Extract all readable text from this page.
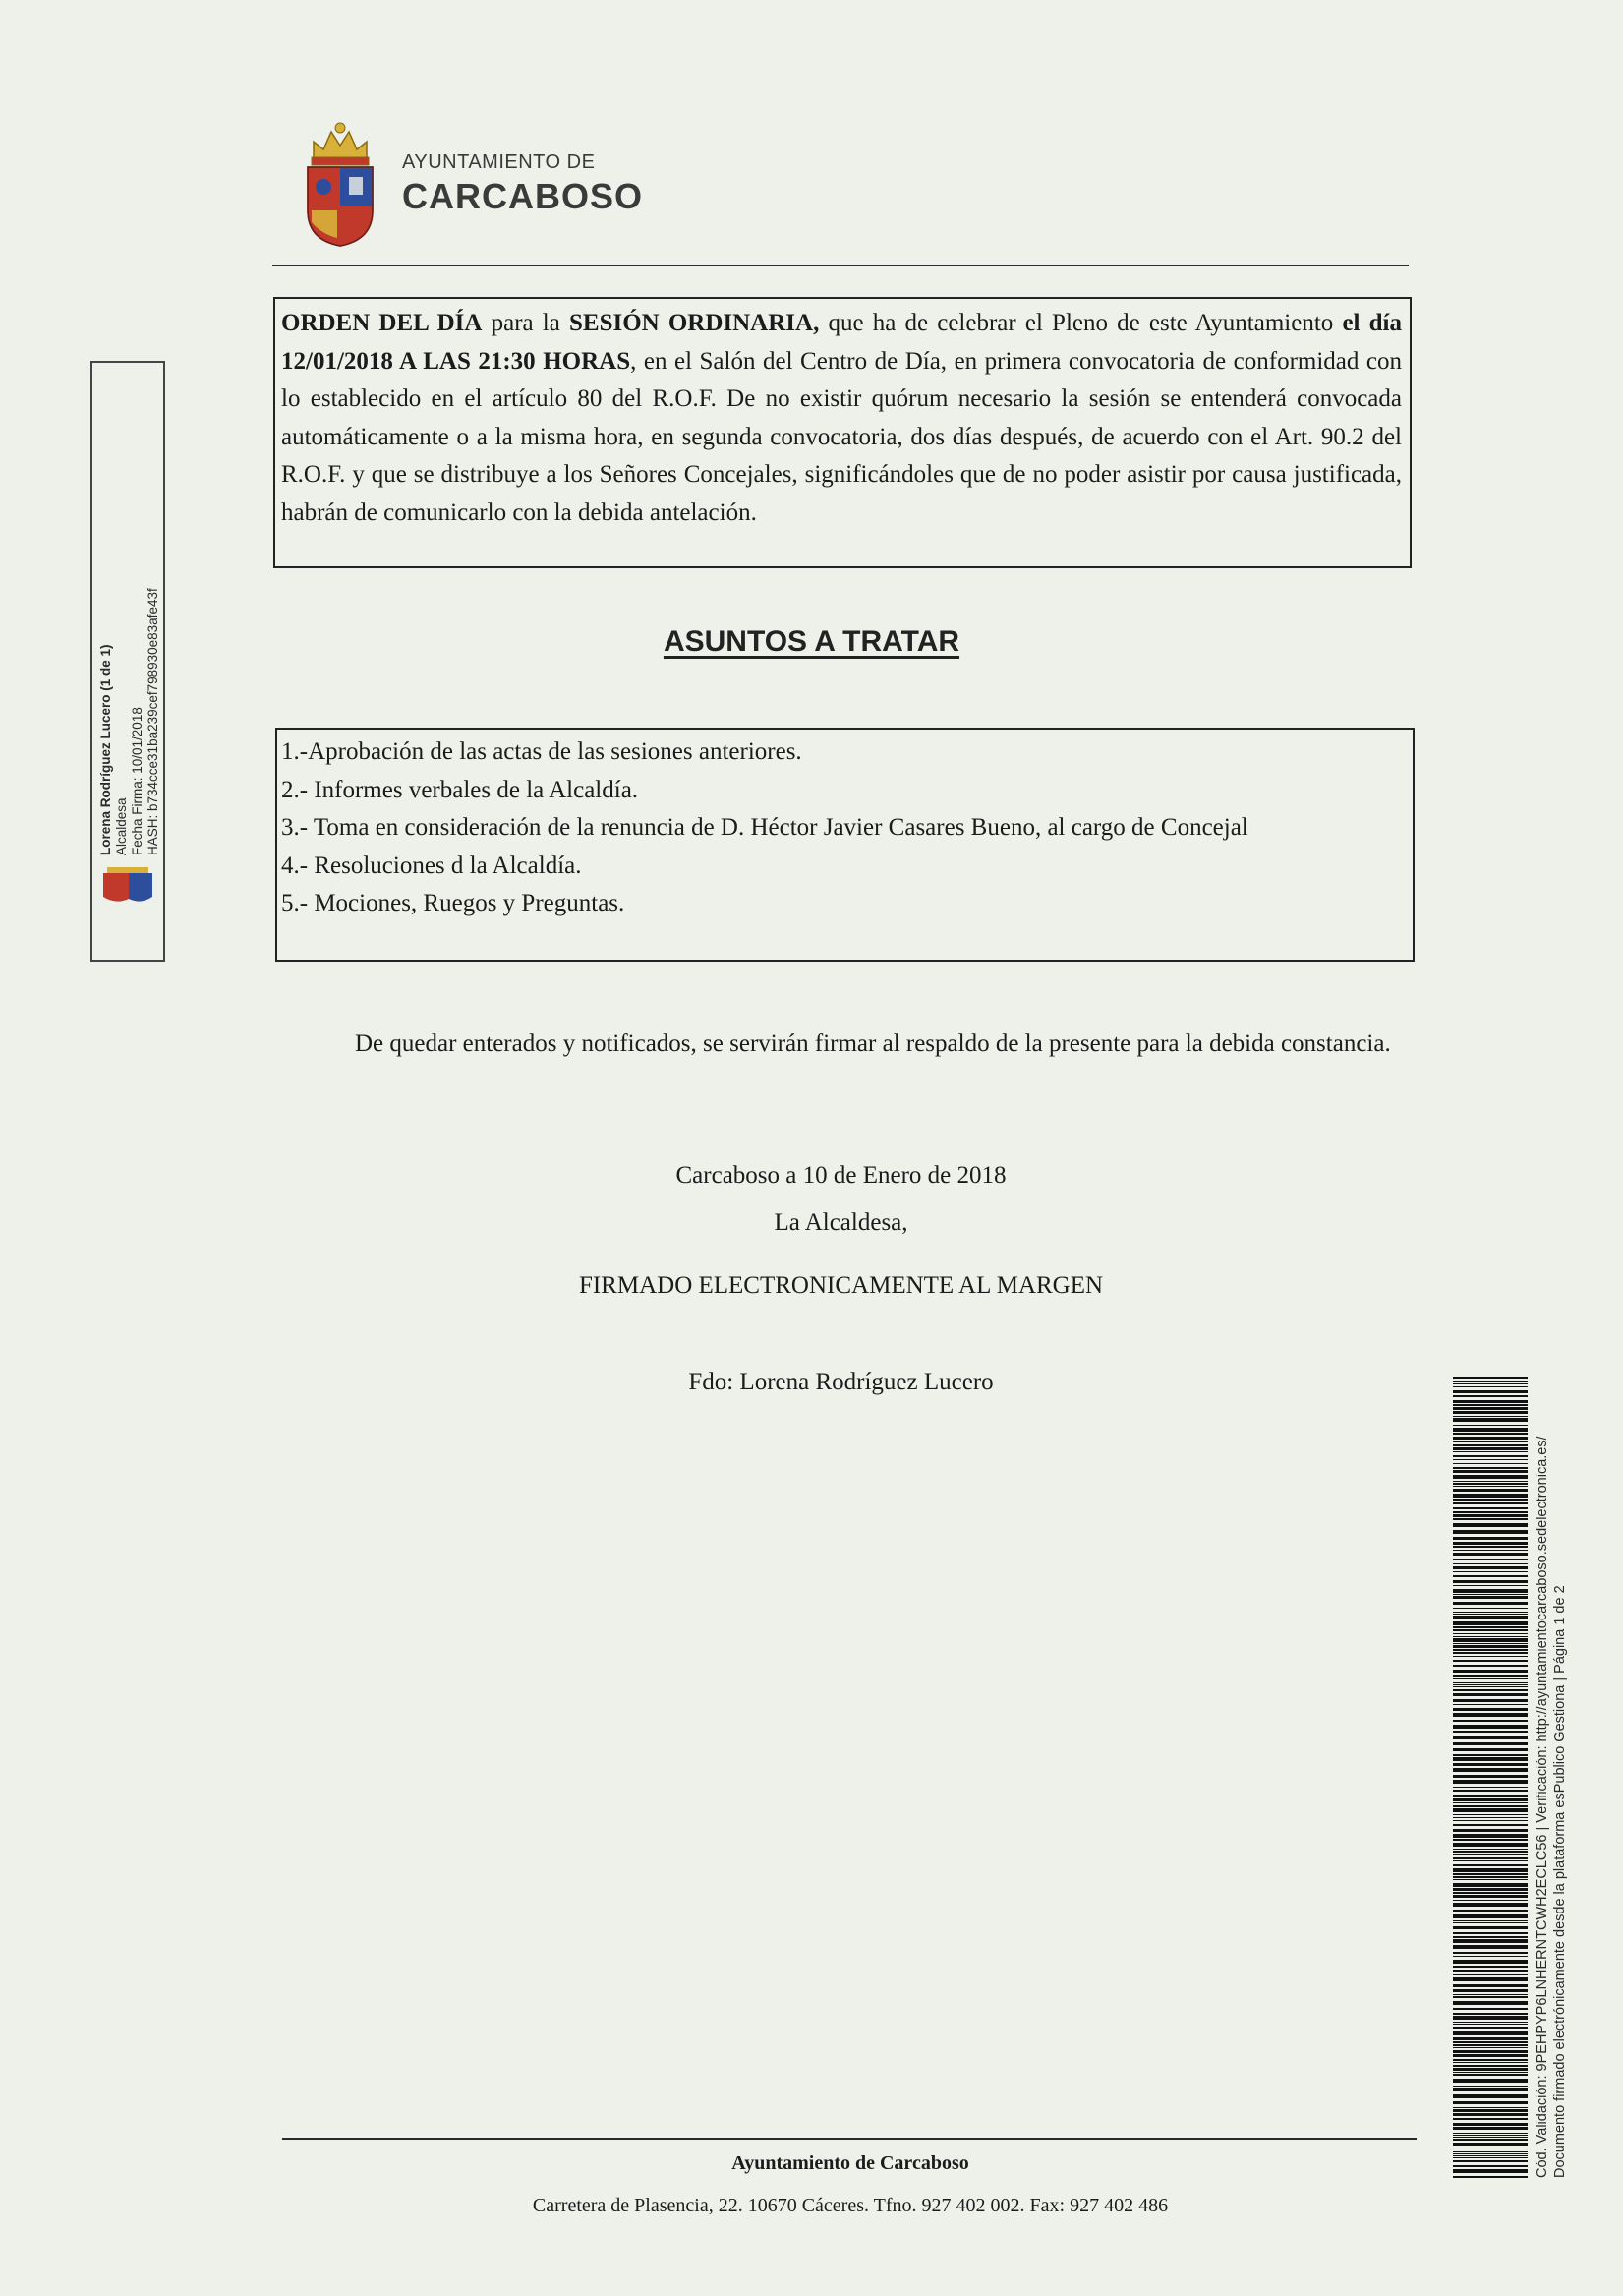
AYUNTAMIENTO DE
CARCABOSO
ORDEN DEL DÍA para la SESIÓN ORDINARIA, que ha de celebrar el Pleno de este Ayuntamiento el día 12/01/2018 A LAS 21:30 HORAS, en el Salón del Centro de Día, en primera convocatoria de conformidad con lo establecido en el artículo 80 del R.O.F. De no existir quórum necesario la sesión se entenderá convocada automáticamente o a la misma hora, en segunda convocatoria, dos días después, de acuerdo con el Art. 90.2 del R.O.F. y que se distribuye a los Señores Concejales, significándoles que de no poder asistir por causa justificada, habrán de comunicarlo con la debida antelación.
ASUNTOS A TRATAR
1.-Aprobación de las actas de las sesiones anteriores.
2.- Informes verbales de la Alcaldía.
3.- Toma en consideración de la renuncia de D. Héctor Javier Casares Bueno, al cargo de Concejal
4.- Resoluciones d la Alcaldía.
5.- Mociones, Ruegos y Preguntas.
De quedar enterados y notificados, se servirán firmar al respaldo de la presente para la debida constancia.
Carcaboso a 10 de Enero de 2018
La Alcaldesa,
FIRMADO ELECTRONICAMENTE AL MARGEN
Fdo: Lorena Rodríguez Lucero
Ayuntamiento de Carcaboso
Carretera de Plasencia, 22. 10670 Cáceres. Tfno. 927 402 002. Fax: 927 402 486
Lorena Rodríguez Lucero (1 de 1) Alcaldesa Fecha Firma: 10/01/2018 HASH: b734cce31ba239cef798930e83afe43f
Cód. Validación: 9PEHPYP6LNHERNTCWH2ECLC56 | Verificación: http://ayuntamientocarcaboso.sedelectronica.es/ Documento firmado electrónicamente desde la plataforma esPublico Gestiona | Página 1 de 2
